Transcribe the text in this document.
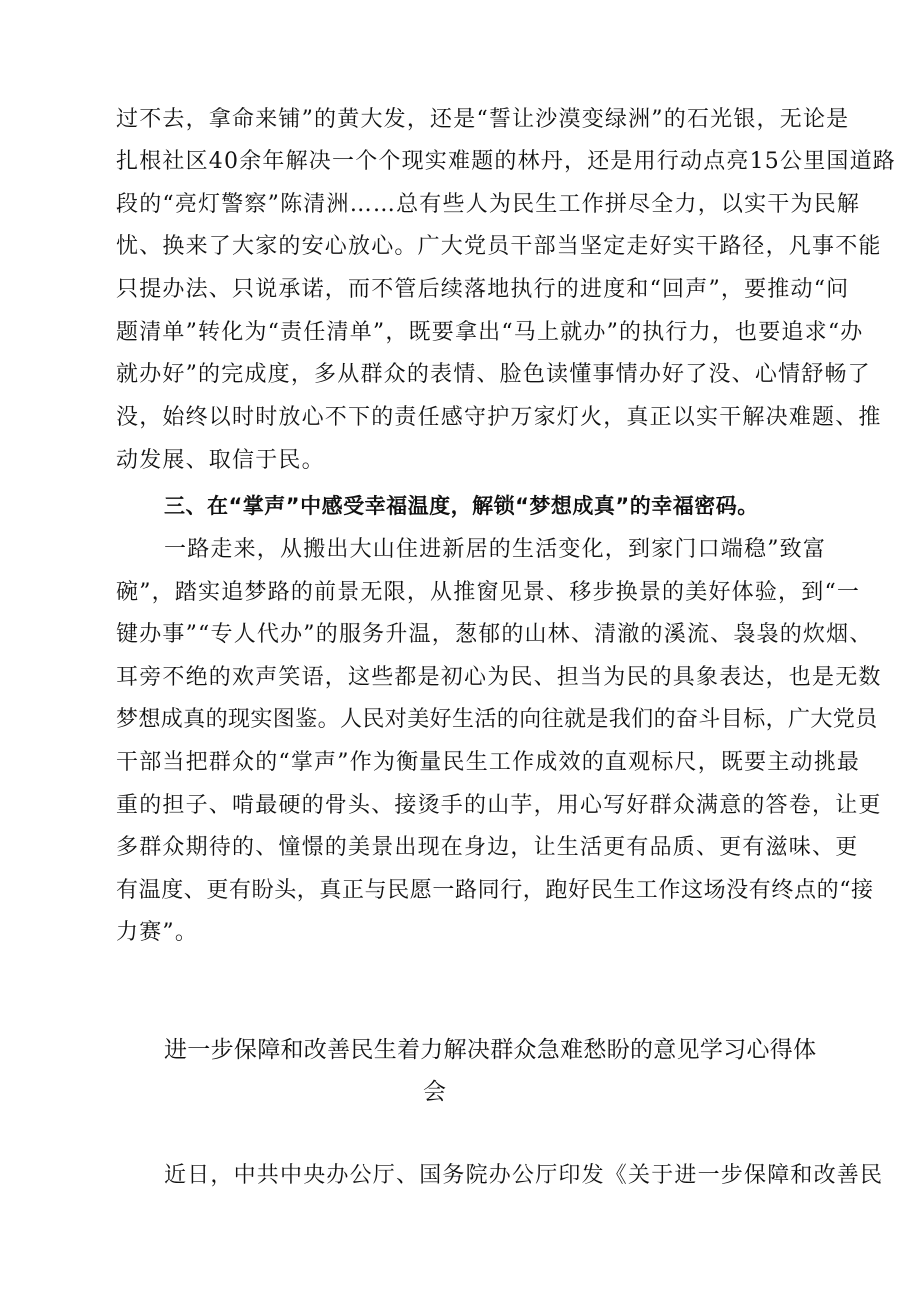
过不去，拿命来铺”的黄大发，还是“誓让沙漠变绿洲”的石光银，无论是
扎根社区40余年解决一个个现实难题的林丹，还是用行动点亮15公里国道路
段的“亮灯警察”陈清洲……总有些人为民生工作拼尽全力，以实干为民解
忧、换来了大家的安心放心。广大党员干部当坚定走好实干路径，凡事不能
只提办法、只说承诺，而不管后续落地执行的进度和“回声”，要推动“问
题清单”转化为“责任清单”，既要拿出“马上就办”的执行力，也要追求“办
就办好”的完成度，多从群众的表情、脸色读懂事情办好了没、心情舒畅了
没，始终以时时放心不下的责任感守护万家灯火，真正以实干解决难题、推
动发展、取信于民。
三、在“掌声”中感受幸福温度，解锁“梦想成真”的幸福密码。
一路走来，从搬出大山住进新居的生活变化，到家门口端稳”致富
碗”，踏实追梦路的前景无限，从推窗见景、移步换景的美好体验，到“一
键办事”“专人代办”的服务升温，葱郁的山林、清澈的溪流、袅袅的炊烟、
耳旁不绝的欢声笑语，这些都是初心为民、担当为民的具象表达，也是无数
梦想成真的现实图鉴。人民对美好生活的向往就是我们的奋斗目标，广大党员
干部当把群众的“掌声”作为衡量民生工作成效的直观标尺，既要主动挑最
重的担子、啃最硬的骨头、接烫手的山芋，用心写好群众满意的答卷，让更
多群众期待的、憧憬的美景出现在身边，让生活更有品质、更有滋味、更
有温度、更有盼头，真正与民愿一路同行，跑好民生工作这场没有终点的“接
力赛”。
进一步保障和改善民生着力解决群众急难愁盼的意见学习心得体
会
近日，中共中央办公厅、国务院办公厅印发《关于进一步保障和改善民
